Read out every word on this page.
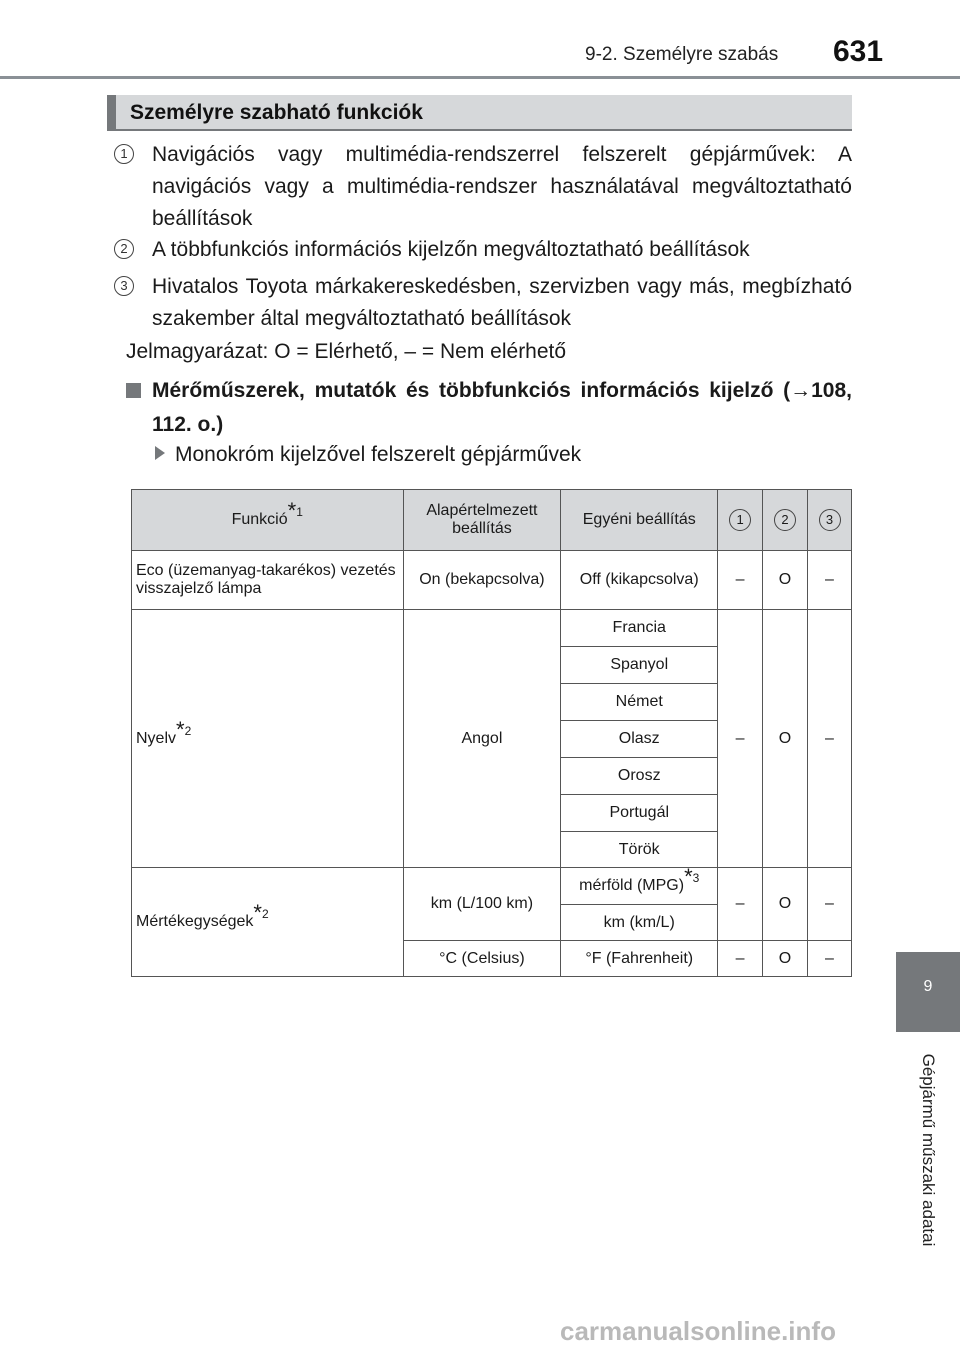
9-2. Személyre szabás 631
9
Gépjármű műszaki adatai
Személyre szabható funkciók
1	Navigációs vagy multimédia-rendszerrel felszerelt gépjárművek: A navigációs vagy a multimédia-rendszer használatával megváltoztatható beállítások
2	A többfunkciós információs kijelzőn megváltoztatható beállítások
3	Hivatalos Toyota márkakereskedésben, szervizben vagy más, megbízható szakember által megváltoztatható beállítások
Jelmagyarázat: O = Elérhető, – = Nem elérhető
Mérőműszerek, mutatók és többfunkciós információs kijelző (→108, 112. o.)
Monokróm kijelzővel felszerelt gépjárművek
Funkció$^{*1}$	Alapértelmezett beállítás	Egyéni beállítás	1	2	3
Eco (üzemanyag-takarékos) vezetés visszajelző lámpa	On (bekapcsolva)	Off (kikapcsolva)	–	O	–
Nyelv$^{*2}$	Angol	Francia	–	O	–
		Spanyol			
		Német			
		Olasz			
		Orosz			
		Portugál			
		Török			
Mértékegységek$^{*2}$	km (L/100 km)	mérföld (MPG)$^{*3}$	–	O	–
		km (km/L)			
	°C (Celsius)	°F (Fahrenheit)	–	O	–
carmanualsonline.info
